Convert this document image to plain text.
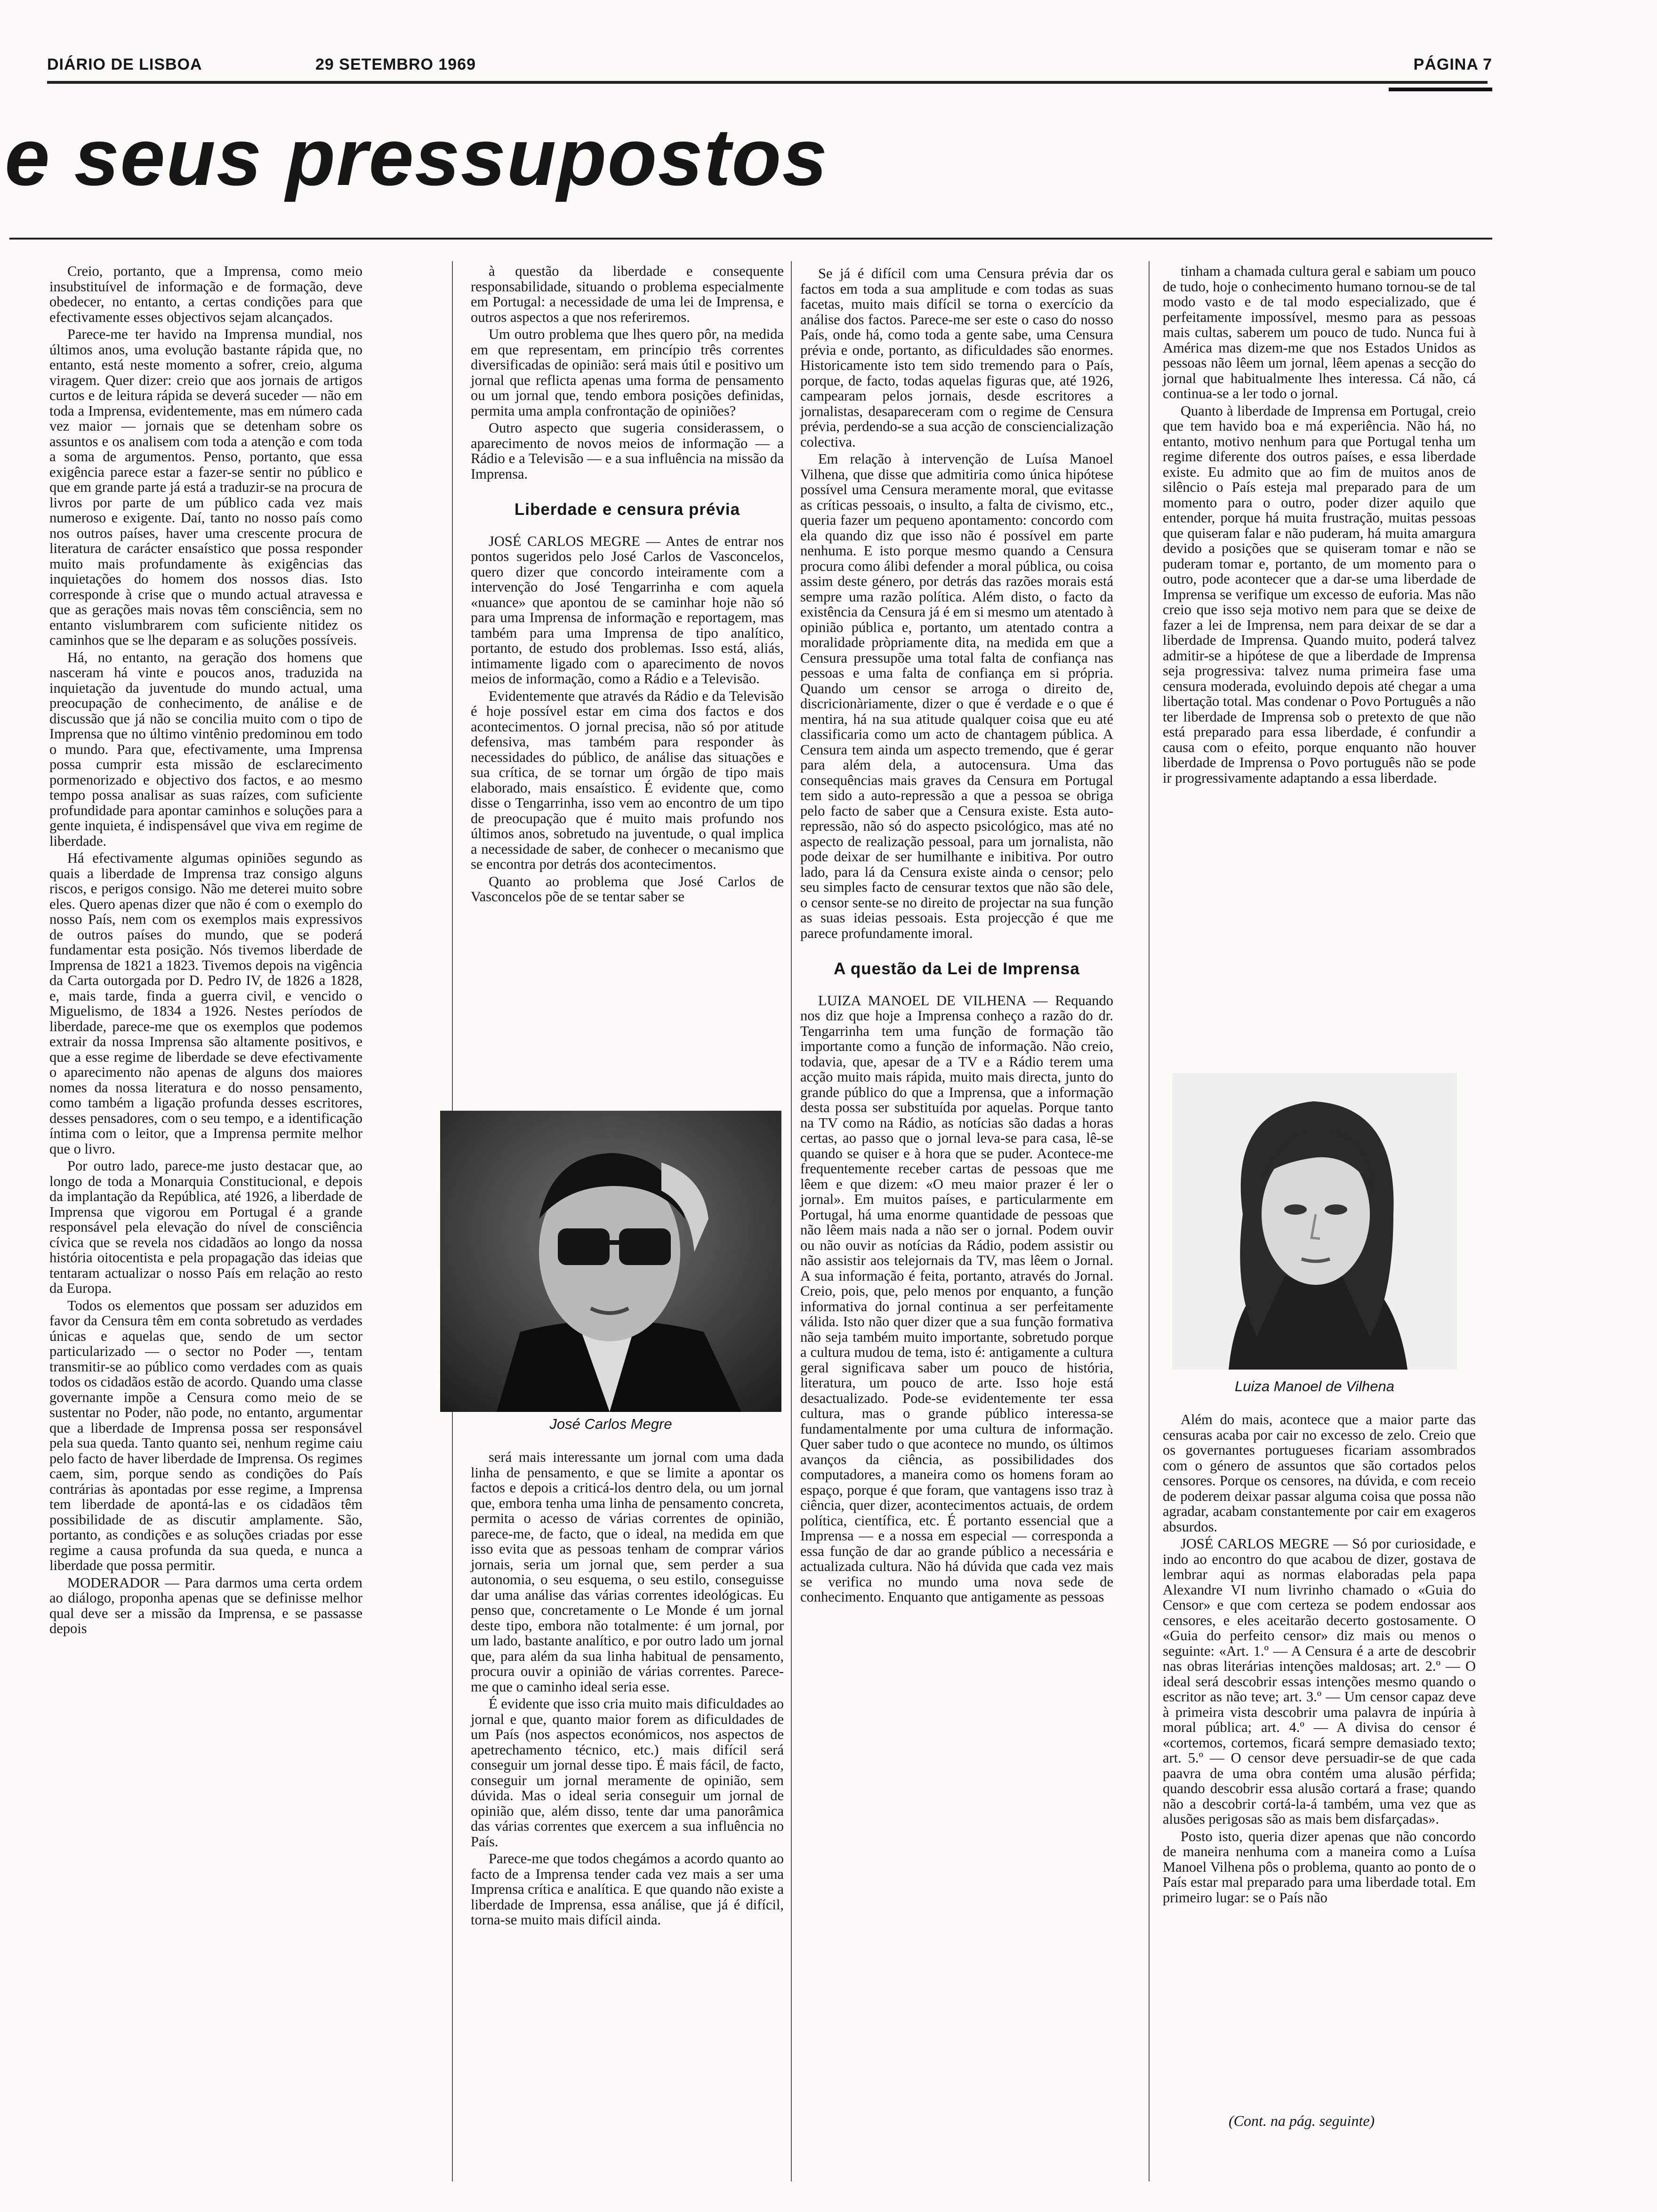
DIÁRIO DE LISBOA	29 SETEMBRO 1969	PÁGINA 7
e seus pressupostos

Creio, portanto, que a Imprensa, como meio insubstituível de informação e de formação, deve obedecer, no entanto, a certas condições para que efectivamente esses objectivos sejam alcançados.

Parece-me ter havido na Imprensa mundial, nos últimos anos, uma evolução bastante rápida que, no entanto, está neste momento a sofrer, creio, alguma viragem. Quer dizer: creio que aos jornais de artigos curtos e de leitura rápida se deverá suceder — não em toda a Imprensa, evidentemente, mas em número cada vez maior — jornais que se detenham sobre os assuntos e os analisem com toda a atenção e com toda a soma de argumentos. Penso, portanto, que essa exigência parece estar a fazer-se sentir no público e que em grande parte já está a traduzir-se na procura de livros por parte de um público cada vez mais numeroso e exigente. Daí, tanto no nosso país como nos outros países, haver uma crescente procura de literatura de carácter ensaístico que possa responder muito mais profundamente às exigências das inquietações do homem dos nossos dias. Isto corresponde à crise que o mundo actual atravessa e que as gerações mais novas têm consciência, sem no entanto vislumbrarem com suficiente nitidez os caminhos que se lhe deparam e as soluções possíveis.

Há, no entanto, na geração dos homens que nasceram há vinte e poucos anos, traduzida na inquietação da juventude do mundo actual, uma preocupação de conhecimento, de análise e de discussão que já não se concilia muito com o tipo de Imprensa que no último vintênio predominou em todo o mundo. Para que, efectivamente, uma Imprensa possa cumprir esta missão de esclarecimento pormenorizado e objectivo dos factos, e ao mesmo tempo possa analisar as suas raízes, com suficiente profundidade para apontar caminhos e soluções para a gente inquieta, é indispensável que viva em regime de liberdade.

Há efectivamente algumas opiniões segundo as quais a liberdade de Imprensa traz consigo alguns riscos, e perigos consigo. Não me deterei muito sobre eles. Quero apenas dizer que não é com o exemplo do nosso País, nem com os exemplos mais expressivos de outros países do mundo, que se poderá fundamentar esta posição. Nós tivemos liberdade de Imprensa de 1821 a 1823. Tivemos depois na vigência da Carta outorgada por D. Pedro IV, de 1826 a 1828, e, mais tarde, finda a guerra civil, e vencido o Miguelismo, de 1834 a 1926. Nestes períodos de liberdade, parece-me que os exemplos que podemos extrair da nossa Imprensa são altamente positivos, e que a esse regime de liberdade se deve efectivamente o aparecimento não apenas de alguns dos maiores nomes da nossa literatura e do nosso pensamento, como também a ligação profunda desses escritores, desses pensadores, com o seu tempo, e a identificação íntima com o leitor, que a Imprensa permite melhor que o livro.

Por outro lado, parece-me justo destacar que, ao longo de toda a Monarquia Constitucional, e depois da implantação da República, até 1926, a liberdade de Imprensa que vigorou em Portugal é a grande responsável pela elevação do nível de consciência cívica que se revela nos cidadãos ao longo da nossa história oitocentista e pela propagação das ideias que tentaram actualizar o nosso País em relação ao resto da Europa.

Todos os elementos que possam ser aduzidos em favor da Censura têm em conta sobretudo as verdades únicas e aquelas que, sendo de um sector particularizado — o sector no Poder —, tentam transmitir-se ao público como verdades com as quais todos os cidadãos estão de acordo. Quando uma classe governante impõe a Censura como meio de se sustentar no Poder, não pode, no entanto, argumentar que a liberdade de Imprensa possa ser responsável pela sua queda. Tanto quanto sei, nenhum regime caiu pelo facto de haver liberdade de Imprensa. Os regimes caem, sim, porque sendo as condições do País contrárias às apontadas por esse regime, a Imprensa tem liberdade de apontá-las e os cidadãos têm possibilidade de as discutir amplamente. São, portanto, as condições e as soluções criadas por esse regime a causa profunda da sua queda, e nunca a liberdade que possa permitir.

MODERADOR — Para darmos uma certa ordem ao diálogo, proponha apenas que se definisse melhor qual deve ser a missão da Imprensa, e se passasse depois

à questão da liberdade e consequente responsabilidade, situando o problema especialmente em Portugal: a necessidade de uma lei de Imprensa, e outros aspectos a que nos referiremos.

Um outro problema que lhes quero pôr, na medida em que representam, em princípio três correntes diversificadas de opinião: será mais útil e positivo um jornal que reflicta apenas uma forma de pensamento ou um jornal que, tendo embora posições definidas, permita uma ampla confrontação de opiniões?

Outro aspecto que sugeria considerassem, o aparecimento de novos meios de informação — a Rádio e a Televisão — e a sua influência na missão da Imprensa.

Liberdade e censura prévia

JOSÉ CARLOS MEGRE — Antes de entrar nos pontos sugeridos pelo José Carlos de Vasconcelos, quero dizer que concordo inteiramente com a intervenção do José Tengarrinha e com aquela «nuance» que apontou de se caminhar hoje não só para uma Imprensa de informação e reportagem, mas também para uma Imprensa de tipo analítico, portanto, de estudo dos problemas. Isso está, aliás, intimamente ligado com o aparecimento de novos meios de informação, como a Rádio e a Televisão.

Evidentemente que através da Rádio e da Televisão é hoje possível estar em cima dos factos e dos acontecimentos. O jornal precisa, não só por atitude defensiva, mas também para responder às necessidades do público, de análise das situações e sua crítica, de se tornar um órgão de tipo mais elaborado, mais ensaístico. É evidente que, como disse o Tengarrinha, isso vem ao encontro de um tipo de preocupação que é muito mais profundo nos últimos anos, sobretudo na juventude, o qual implica a necessidade de saber, de conhecer o mecanismo que se encontra por detrás dos acontecimentos.

Quanto ao problema que José Carlos de Vasconcelos põe de se tentar saber se

José Carlos Megre

será mais interessante um jornal com uma dada linha de pensamento, e que se limite a apontar os factos e depois a criticá-los dentro dela, ou um jornal que, embora tenha uma linha de pensamento concreta, permita o acesso de várias correntes de opinião, parece-me, de facto, que o ideal, na medida em que isso evita que as pessoas tenham de comprar vários jornais, seria um jornal que, sem perder a sua autonomia, o seu esquema, o seu estilo, conseguisse dar uma análise das várias correntes ideológicas. Eu penso que, concretamente o Le Monde é um jornal deste tipo, embora não totalmente: é um jornal, por um lado, bastante analítico, e por outro lado um jornal que, para além da sua linha habitual de pensamento, procura ouvir a opinião de várias correntes. Parece-me que o caminho ideal seria esse.

É evidente que isso cria muito mais dificuldades ao jornal e que, quanto maior forem as dificuldades de um País (nos aspectos económicos, nos aspectos de apetrechamento técnico, etc.) mais difícil será conseguir um jornal desse tipo. É mais fácil, de facto, conseguir um jornal meramente de opinião, sem dúvida. Mas o ideal seria conseguir um jornal de opinião que, além disso, tente dar uma panorâmica das várias correntes que exercem a sua influência no País.

Parece-me que todos chegámos a acordo quanto ao facto de a Imprensa tender cada vez mais a ser uma Imprensa crítica e analítica. E que quando não existe a liberdade de Imprensa, essa análise, que já é difícil, torna-se muito mais difícil ainda.

Se já é difícil com uma Censura prévia dar os factos em toda a sua amplitude e com todas as suas facetas, muito mais difícil se torna o exercício da análise dos factos. Parece-me ser este o caso do nosso País, onde há, como toda a gente sabe, uma Censura prévia e onde, portanto, as dificuldades são enormes. Historicamente isto tem sido tremendo para o País, porque, de facto, todas aquelas figuras que, até 1926, campearam pelos jornais, desde escritores a jornalistas, desapareceram com o regime de Censura prévia, perdendo-se a sua acção de consciencialização colectiva.

Em relação à intervenção de Luísa Manoel Vilhena, que disse que admitiria como única hipótese possível uma Censura meramente moral, que evitasse as críticas pessoais, o insulto, a falta de civismo, etc., queria fazer um pequeno apontamento: concordo com ela quando diz que isso não é possível em parte nenhuma. E isto porque mesmo quando a Censura procura como álibi defender a moral pública, ou coisa assim deste género, por detrás das razões morais está sempre uma razão política. Além disto, o facto da existência da Censura já é em si mesmo um atentado à opinião pública e, portanto, um atentado contra a moralidade pròpriamente dita, na medida em que a Censura pressupõe uma total falta de confiança nas pessoas e uma falta de confiança em si própria. Quando um censor se arroga o direito de, discricionàriamente, dizer o que é verdade e o que é mentira, há na sua atitude qualquer coisa que eu até classificaria como um acto de chantagem pública. A Censura tem ainda um aspecto tremendo, que é gerar para além dela, a autocensura. Uma das consequências mais graves da Censura em Portugal tem sido a auto-repressão a que a pessoa se obriga pelo facto de saber que a Censura existe. Esta auto-repressão, não só do aspecto psicológico, mas até no aspecto de realização pessoal, para um jornalista, não pode deixar de ser humilhante e inibitiva. Por outro lado, para lá da Censura existe ainda o censor; pelo seu simples facto de censurar textos que não são dele, o censor sente-se no direito de projectar na sua função as suas ideias pessoais. Esta projecção é que me parece profundamente imoral.

A questão da Lei de Imprensa

LUIZA MANOEL DE VILHENA — Requando nos diz que hoje a Imprensa conheço a razão do dr. Tengarrinha tem uma função de formação tão importante como a função de informação. Não creio, todavia, que, apesar de a TV e a Rádio terem uma acção muito mais rápida, muito mais directa, junto do grande público do que a Imprensa, que a informação desta possa ser substituída por aquelas. Porque tanto na TV como na Rádio, as notícias são dadas a horas certas, ao passo que o jornal leva-se para casa, lê-se quando se quiser e à hora que se puder. Acontece-me frequentemente receber cartas de pessoas que me lêem e que dizem: «O meu maior prazer é ler o jornal». Em muitos países, e particularmente em Portugal, há uma enorme quantidade de pessoas que não lêem mais nada a não ser o jornal. Podem ouvir ou não ouvir as notícias da Rádio, podem assistir ou não assistir aos telejornais da TV, mas lêem o Jornal. A sua informação é feita, portanto, através do Jornal. Creio, pois, que, pelo menos por enquanto, a função informativa do jornal continua a ser perfeitamente válida. Isto não quer dizer que a sua função formativa não seja também muito importante, sobretudo porque a cultura mudou de tema, isto é: antigamente a cultura geral significava saber um pouco de história, literatura, um pouco de arte. Isso hoje está desactualizado. Pode-se evidentemente ter essa cultura, mas o grande público interessa-se fundamentalmente por uma cultura de informação. Quer saber tudo o que acontece no mundo, os últimos avanços da ciência, as possibilidades dos computadores, a maneira como os homens foram ao espaço, porque é que foram, que vantagens isso traz à ciência, quer dizer, acontecimentos actuais, de ordem política, científica, etc. É portanto essencial que a Imprensa — e a nossa em especial — corresponda a essa função de dar ao grande público a necessária e actualizada cultura. Não há dúvida que cada vez mais se verifica no mundo uma nova sede de conhecimento. Enquanto que antigamente as pessoas

tinham a chamada cultura geral e sabiam um pouco de tudo, hoje o conhecimento humano tornou-se de tal modo vasto e de tal modo especializado, que é perfeitamente impossível, mesmo para as pessoas mais cultas, saberem um pouco de tudo. Nunca fui à América mas dizem-me que nos Estados Unidos as pessoas não lêem um jornal, lêem apenas a secção do jornal que habitualmente lhes interessa. Cá não, cá continua-se a ler todo o jornal.

Quanto à liberdade de Imprensa em Portugal, creio que tem havido boa e má experiência. Não há, no entanto, motivo nenhum para que Portugal tenha um regime diferente dos outros países, e essa liberdade existe. Eu admito que ao fim de muitos anos de silêncio o País esteja mal preparado para de um momento para o outro, poder dizer aquilo que entender, porque há muita frustração, muitas pessoas que quiseram falar e não puderam, há muita amargura devido a posições que se quiseram tomar e não se puderam tomar e, portanto, de um momento para o outro, pode acontecer que a dar-se uma liberdade de Imprensa se verifique um excesso de euforia. Mas não creio que isso seja motivo nem para que se deixe de fazer a lei de Imprensa, nem para deixar de se dar a liberdade de Imprensa. Quando muito, poderá talvez admitir-se a hipótese de que a liberdade de Imprensa seja progressiva: talvez numa primeira fase uma censura moderada, evoluindo depois até chegar a uma libertação total. Mas condenar o Povo Português a não ter liberdade de Imprensa sob o pretexto de que não está preparado para essa liberdade, é confundir a causa com o efeito, porque enquanto não houver liberdade de Imprensa o Povo português não se pode ir progressivamente adaptando a essa liberdade.

Luiza Manoel de Vilhena

Além do mais, acontece que a maior parte das censuras acaba por cair no excesso de zelo. Creio que os governantes portugueses ficariam assombrados com o género de assuntos que são cortados pelos censores. Porque os censores, na dúvida, e com receio de poderem deixar passar alguma coisa que possa não agradar, acabam constantemente por cair em exageros absurdos.

JOSÉ CARLOS MEGRE — Só por curiosidade, e indo ao encontro do que acabou de dizer, gostava de lembrar aqui as normas elaboradas pela papa Alexandre VI num livrinho chamado o «Guia do Censor» e que com certeza se podem endossar aos censores, e eles aceitarão decerto gostosamente. O «Guia do perfeito censor» diz mais ou menos o seguinte: «Art. 1.º — A Censura é a arte de descobrir nas obras literárias intenções maldosas; art. 2.º — O ideal será descobrir essas intenções mesmo quando o escritor as não teve; art. 3.º — Um censor capaz deve à primeira vista descobrir uma palavra de inpúria à moral pública; art. 4.º — A divisa do censor é «cortemos, cortemos, ficará sempre demasiado texto; art. 5.º — O censor deve persuadir-se de que cada paavra de uma obra contém uma alusão pérfida; quando descobrir essa alusão cortará a frase; quando não a descobrir cortá-la-á também, uma vez que as alusões perigosas são as mais bem disfarçadas».

Posto isto, queria dizer apenas que não concordo de maneira nenhuma com a maneira como a Luísa Manoel Vilhena pôs o problema, quanto ao ponto de o País estar mal preparado para uma liberdade total. Em primeiro lugar: se o País não

(Cont. na pág. seguinte)
